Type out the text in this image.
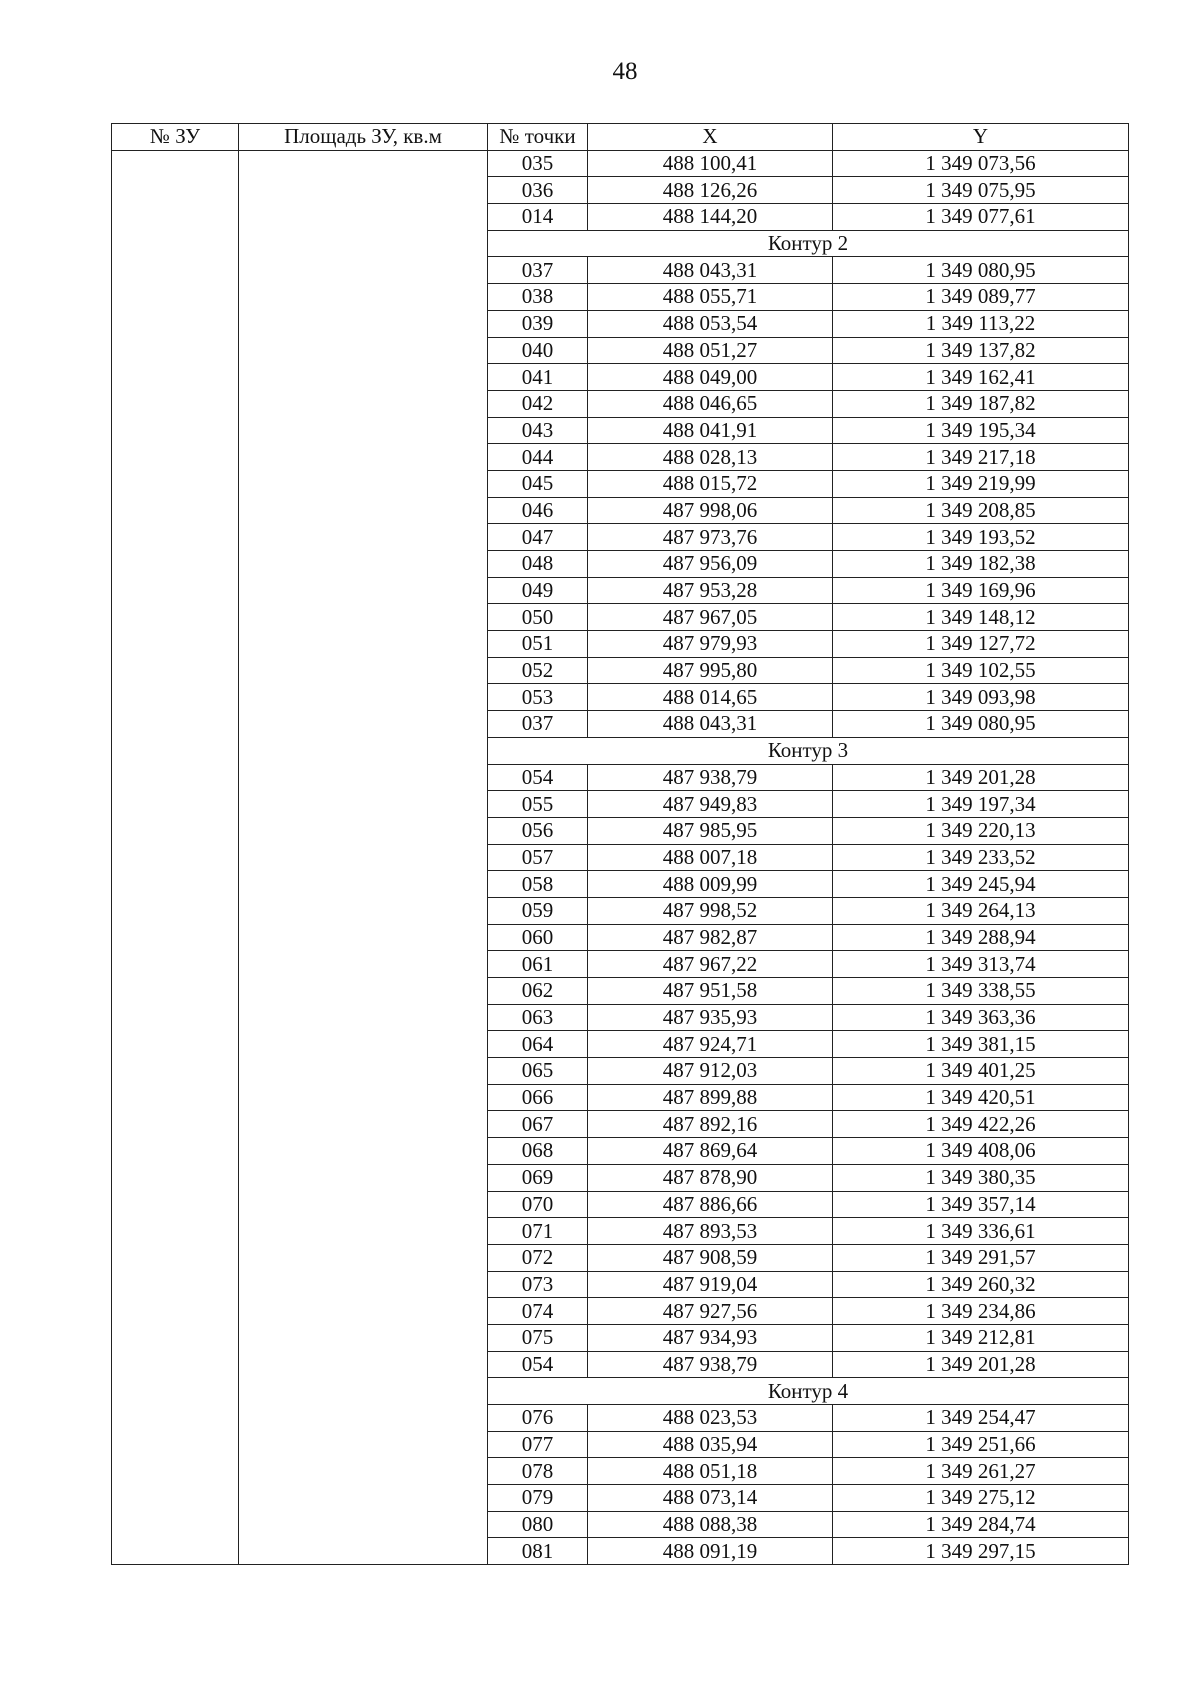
48
№ ЗУ	Площадь ЗУ, кв.м	№ точки	X	Y
		035	488 100,41	1 349 073,56
		036	488 126,26	1 349 075,95
		014	488 144,20	1 349 077,61
		Контур 2		
		037	488 043,31	1 349 080,95
		038	488 055,71	1 349 089,77
		039	488 053,54	1 349 113,22
		040	488 051,27	1 349 137,82
		041	488 049,00	1 349 162,41
		042	488 046,65	1 349 187,82
		043	488 041,91	1 349 195,34
		044	488 028,13	1 349 217,18
		045	488 015,72	1 349 219,99
		046	487 998,06	1 349 208,85
		047	487 973,76	1 349 193,52
		048	487 956,09	1 349 182,38
		049	487 953,28	1 349 169,96
		050	487 967,05	1 349 148,12
		051	487 979,93	1 349 127,72
		052	487 995,80	1 349 102,55
		053	488 014,65	1 349 093,98
		037	488 043,31	1 349 080,95
		Контур 3		
		054	487 938,79	1 349 201,28
		055	487 949,83	1 349 197,34
		056	487 985,95	1 349 220,13
		057	488 007,18	1 349 233,52
		058	488 009,99	1 349 245,94
		059	487 998,52	1 349 264,13
		060	487 982,87	1 349 288,94
		061	487 967,22	1 349 313,74
		062	487 951,58	1 349 338,55
		063	487 935,93	1 349 363,36
		064	487 924,71	1 349 381,15
		065	487 912,03	1 349 401,25
		066	487 899,88	1 349 420,51
		067	487 892,16	1 349 422,26
		068	487 869,64	1 349 408,06
		069	487 878,90	1 349 380,35
		070	487 886,66	1 349 357,14
		071	487 893,53	1 349 336,61
		072	487 908,59	1 349 291,57
		073	487 919,04	1 349 260,32
		074	487 927,56	1 349 234,86
		075	487 934,93	1 349 212,81
		054	487 938,79	1 349 201,28
		Контур 4		
		076	488 023,53	1 349 254,47
		077	488 035,94	1 349 251,66
		078	488 051,18	1 349 261,27
		079	488 073,14	1 349 275,12
		080	488 088,38	1 349 284,74
		081	488 091,19	1 349 297,15
